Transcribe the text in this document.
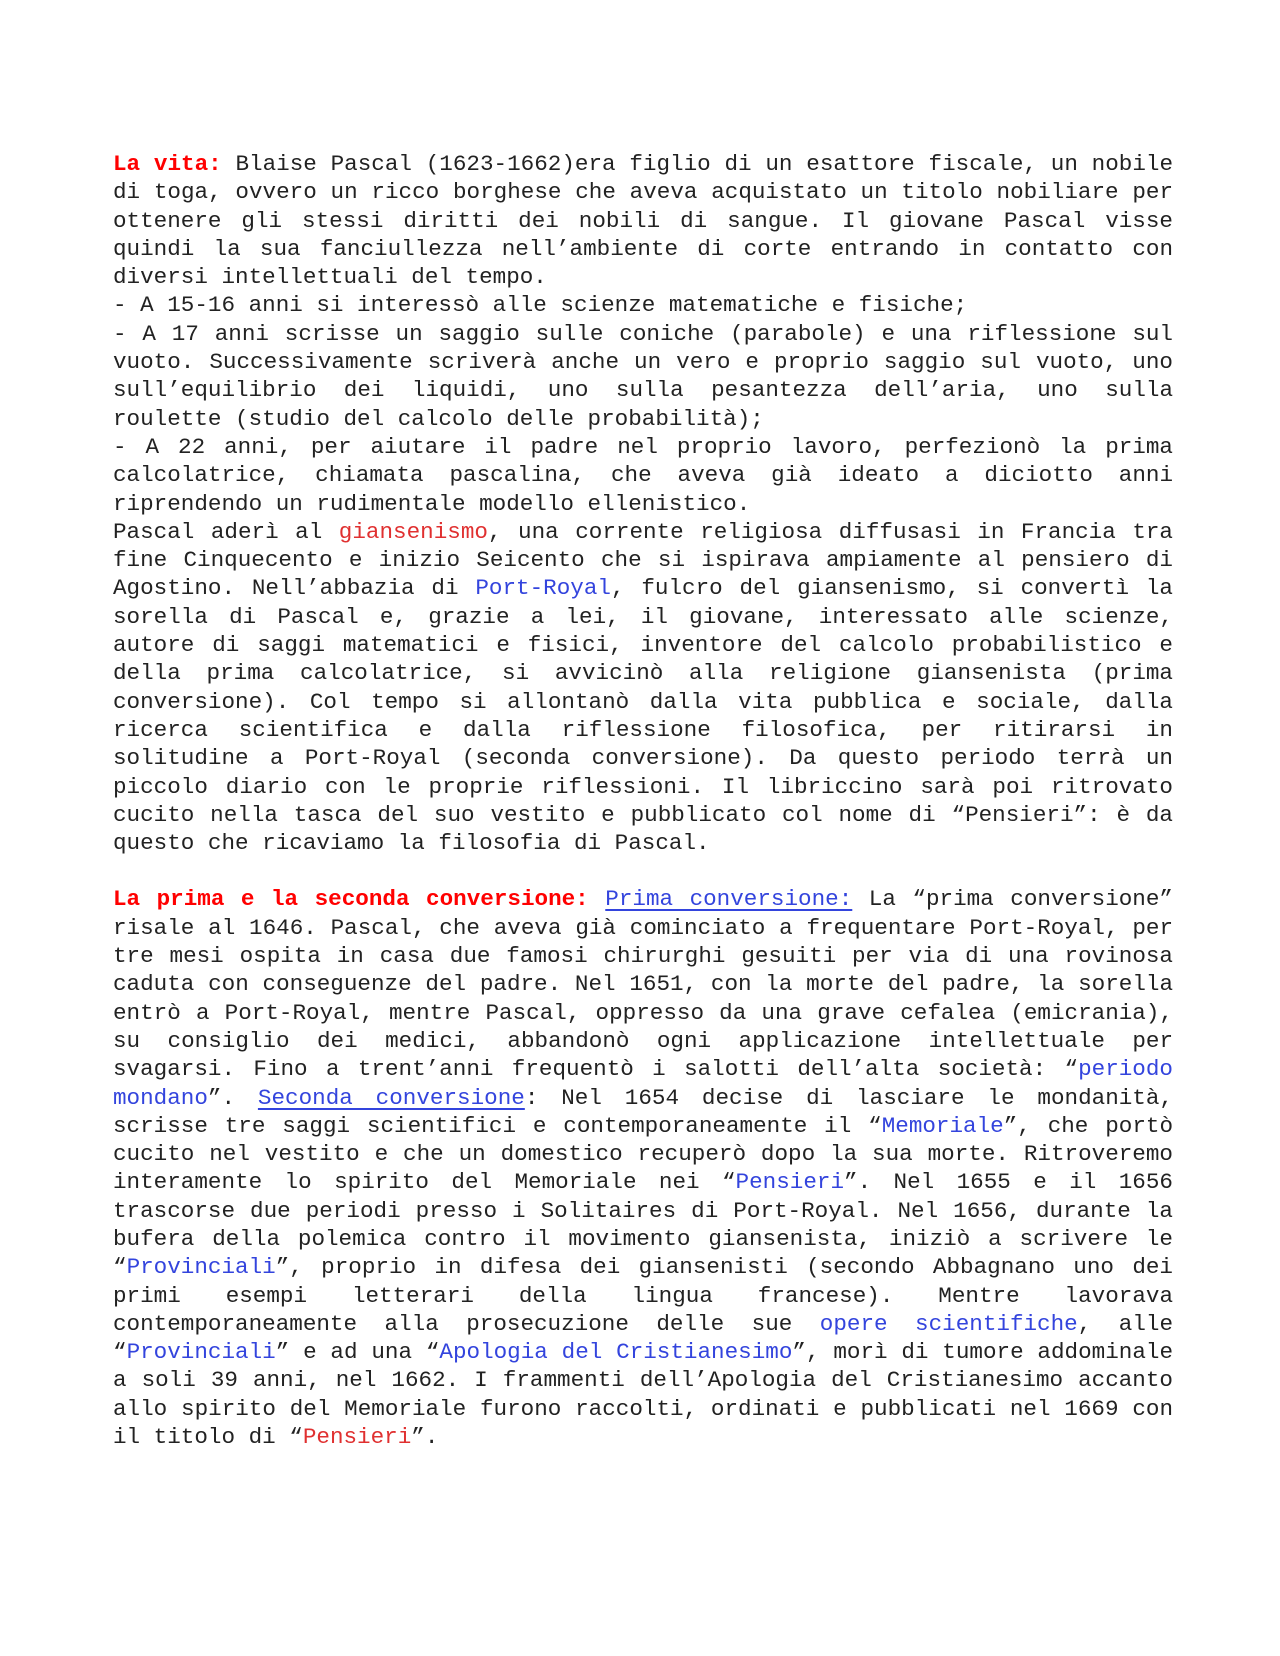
La vita: Blaise Pascal (1623-1662)era figlio di un esattore fiscale, un nobile di toga, ovvero un ricco borghese che aveva acquistato un titolo nobiliare per ottenere gli stessi diritti dei nobili di sangue. Il giovane Pascal visse quindi la sua fanciullezza nell’ambiente di corte entrando in contatto con diversi intellettuali del tempo.

- A 15-16 anni si interessò alle scienze matematiche e fisiche;

- A 17 anni scrisse un saggio sulle coniche (parabole) e una riflessione sul vuoto. Successivamente scriverà anche un vero e proprio saggio sul vuoto, uno sull’equilibrio dei liquidi, uno sulla pesantezza dell’aria, uno sulla roulette (studio del calcolo delle probabilità);

- A 22 anni, per aiutare il padre nel proprio lavoro, perfezionò la prima calcolatrice, chiamata pascalina, che aveva già ideato a diciotto anni riprendendo un rudimentale modello ellenistico.

Pascal aderì al giansenismo, una corrente religiosa diffusasi in Francia tra fine Cinquecento e inizio Seicento che si ispirava ampiamente al pensiero di Agostino. Nell’abbazia di Port-Royal, fulcro del giansenismo, si convertì la sorella di Pascal e, grazie a lei, il giovane, interessato alle scienze, autore di saggi matematici e fisici, inventore del calcolo probabilistico e della prima calcolatrice, si avvicinò alla religione giansenista (prima conversione). Col tempo si allontanò dalla vita pubblica e sociale, dalla ricerca scientifica e dalla riflessione filosofica, per ritirarsi in solitudine a Port-Royal (seconda conversione). Da questo periodo terrà un piccolo diario con le proprie riflessioni. Il libriccino sarà poi ritrovato cucito nella tasca del suo vestito e pubblicato col nome di “Pensieri”: è da questo che ricaviamo la filosofia di Pascal.

La prima e la seconda conversione: Prima conversione: La “prima conversione” risale al 1646. Pascal, che aveva già cominciato a frequentare Port-Royal, per tre mesi ospita in casa due famosi chirurghi gesuiti per via di una rovinosa caduta con conseguenze del padre. Nel 1651, con la morte del padre, la sorella entrò a Port-Royal, mentre Pascal, oppresso da una grave cefalea (emicrania), su consiglio dei medici, abbandonò ogni applicazione intellettuale per svagarsi. Fino a trent’anni frequentò i salotti dell’alta società: “periodo mondano”. Seconda conversione: Nel 1654 decise di lasciare le mondanità, scrisse tre saggi scientifici e contemporaneamente il “Memoriale”, che portò cucito nel vestito e che un domestico recuperò dopo la sua morte. Ritroveremo interamente lo spirito del Memoriale nei “Pensieri”. Nel 1655 e il 1656 trascorse due periodi presso i Solitaires di Port-Royal. Nel 1656, durante la bufera della polemica contro il movimento giansenista, iniziò a scrivere le “Provinciali”, proprio in difesa dei giansenisti (secondo Abbagnano uno dei primi esempi letterari della lingua francese). Mentre lavorava contemporaneamente alla prosecuzione delle sue opere scientifiche, alle “Provinciali” e ad una “Apologia del Cristianesimo”, morì di tumore addominale a soli 39 anni, nel 1662. I frammenti dell’Apologia del Cristianesimo accanto allo spirito del Memoriale furono raccolti, ordinati e pubblicati nel 1669 con il titolo di “Pensieri”.
